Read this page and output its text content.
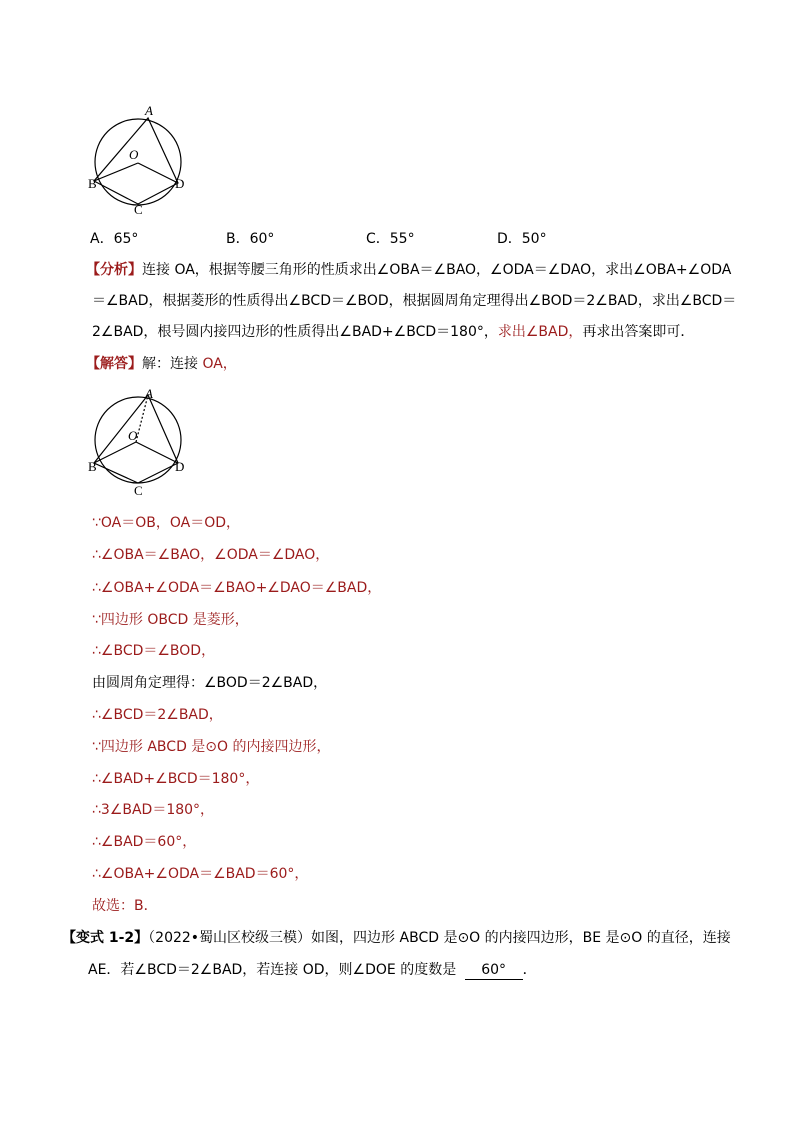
A
O
B	D
C
A．65°	B．60°	C．55°	D．50°
【分析】连接 OA，根据等腰三角形的性质求出∠OBA＝∠BAO，∠ODA＝∠DAO，求出∠OBA+∠ODA
＝∠BAD，根据菱形的性质得出∠BCD＝∠BOD，根据圆周角定理得出∠BOD＝2∠BAD，求出∠BCD＝
2∠BAD，根号圆内接四边形的性质得出∠BAD+∠BCD＝180°，求出∠BAD，再求出答案即可．
【解答】解：连接 OA，
A
O
B	D
C
∵OA＝OB，OA＝OD，
∴∠OBA＝∠BAO，∠ODA＝∠DAO，
∴∠OBA+∠ODA＝∠BAO+∠DAO＝∠BAD，
∵四边形 OBCD 是菱形，
∴∠BCD＝∠BOD，
由圆周角定理得：∠BOD＝2∠BAD，
∴∠BCD＝2∠BAD，
∵四边形 ABCD 是⊙O 的内接四边形，
∴∠BAD+∠BCD＝180°，
∴3∠BAD＝180°，
∴∠BAD＝60°，
∴∠OBA+∠ODA＝∠BAD＝60°，
故选：B．
【变式 1-2】（2022•蜀山区校级三模）如图，四边形 ABCD 是⊙O 的内接四边形，BE 是⊙O 的直径，连接
AE．若∠BCD＝2∠BAD，若连接 OD，则∠DOE 的度数是 60° ．
